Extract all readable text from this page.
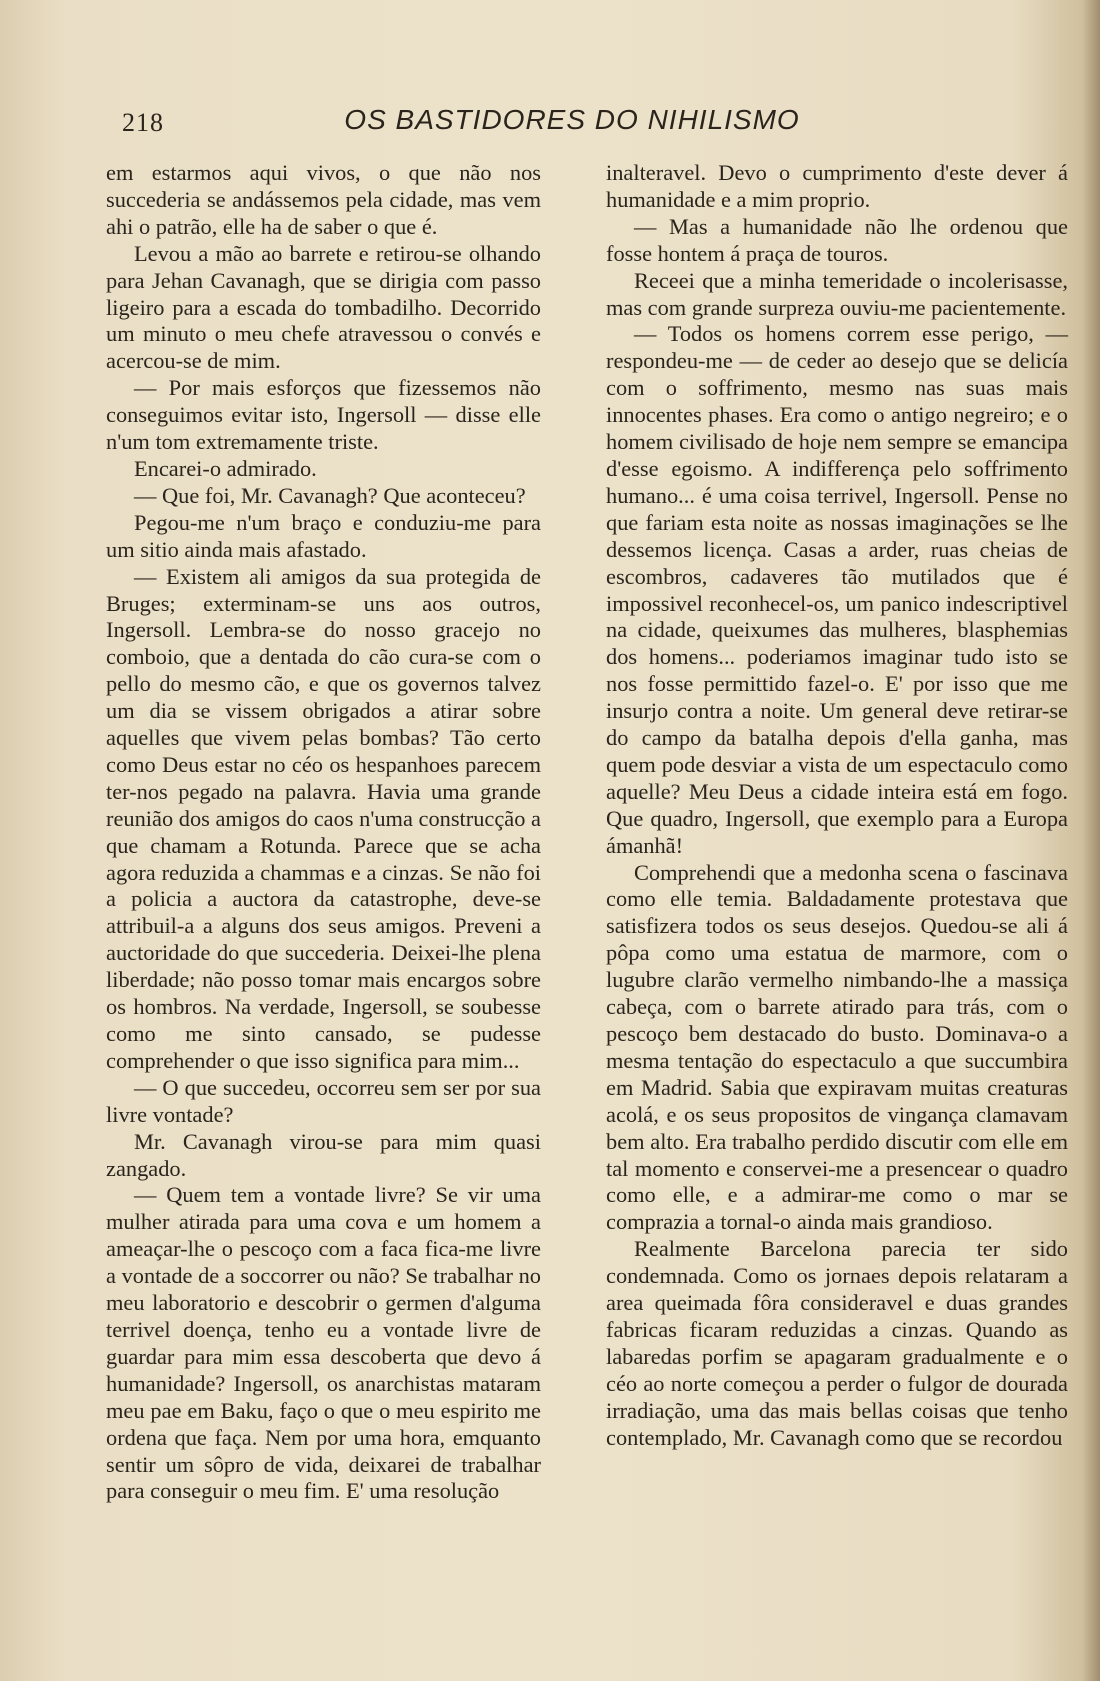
218	OS BASTIDORES DO NIHILISMO

em estarmos aqui vivos, o que não nos succederia se andássemos pela cidade, mas vem ahi o patrão, elle ha de saber o que é.

Levou a mão ao barrete e retirou-se olhando para Jehan Cavanagh, que se dirigia com passo ligeiro para a escada do tombadilho. Decorrido um minuto o meu chefe atravessou o convés e acercou-se de mim.

— Por mais esforços que fizessemos não conseguimos evitar isto, Ingersoll — disse elle n'um tom extremamente triste.

Encarei-o admirado.

— Que foi, Mr. Cavanagh? Que aconteceu?

Pegou-me n'um braço e conduziu-me para um sitio ainda mais afastado.

— Existem ali amigos da sua protegida de Bruges; exterminam-se uns aos outros, Ingersoll. Lembra-se do nosso gracejo no comboio, que a dentada do cão cura-se com o pello do mesmo cão, e que os governos talvez um dia se vissem obrigados a atirar sobre aquelles que vivem pelas bombas? Tão certo como Deus estar no céo os hespanhoes parecem ter-nos pegado na palavra. Havia uma grande reunião dos amigos do caos n'uma construcção a que chamam a Rotunda. Parece que se acha agora reduzida a chammas e a cinzas. Se não foi a policia a auctora da catastrophe, deve-se attribuil-a a alguns dos seus amigos. Preveni a auctoridade do que succederia. Deixei-lhe plena liberdade; não posso tomar mais encargos sobre os hombros. Na verdade, Ingersoll, se soubesse como me sinto cansado, se pudesse comprehender o que isso significa para mim...

— O que succedeu, occorreu sem ser por sua livre vontade?

Mr. Cavanagh virou-se para mim quasi zangado.

— Quem tem a vontade livre? Se vir uma mulher atirada para uma cova e um homem a ameaçar-lhe o pescoço com a faca fica-me livre a vontade de a soccorrer ou não? Se trabalhar no meu laboratorio e descobrir o germen d'alguma terrivel doença, tenho eu a vontade livre de guardar para mim essa descoberta que devo á humanidade? Ingersoll, os anarchistas mataram meu pae em Baku, faço o que o meu espirito me ordena que faça. Nem por uma hora, emquanto sentir um sôpro de vida, deixarei de trabalhar para conseguir o meu fim. E' uma resolução

inalteravel. Devo o cumprimento d'este dever á humanidade e a mim proprio.

— Mas a humanidade não lhe ordenou que fosse hontem á praça de touros.

Receei que a minha temeridade o incolerisasse, mas com grande surpreza ouviu-me pacientemente.

— Todos os homens correm esse perigo, — respondeu-me — de ceder ao desejo que se delicía com o soffrimento, mesmo nas suas mais innocentes phases. Era como o antigo negreiro; e o homem civilisado de hoje nem sempre se emancipa d'esse egoismo. A indifferença pelo soffrimento humano... é uma coisa terrivel, Ingersoll. Pense no que fariam esta noite as nossas imaginações se lhe dessemos licença. Casas a arder, ruas cheias de escombros, cadaveres tão mutilados que é impossivel reconhecel-os, um panico indescriptivel na cidade, queixumes das mulheres, blasphemias dos homens... poderiamos imaginar tudo isto se nos fosse permittido fazel-o. E' por isso que me insurjo contra a noite. Um general deve retirar-se do campo da batalha depois d'ella ganha, mas quem pode desviar a vista de um espectaculo como aquelle? Meu Deus a cidade inteira está em fogo. Que quadro, Ingersoll, que exemplo para a Europa ámanhã!

Comprehendi que a medonha scena o fascinava como elle temia. Baldadamente protestava que satisfizera todos os seus desejos. Quedou-se ali á pôpa como uma estatua de marmore, com o lugubre clarão vermelho nimbando-lhe a massiça cabeça, com o barrete atirado para trás, com o pescoço bem destacado do busto. Dominava-o a mesma tentação do espectaculo a que succumbira em Madrid. Sabia que expiravam muitas creaturas acolá, e os seus propositos de vingança clamavam bem alto. Era trabalho perdido discutir com elle em tal momento e conservei-me a presencear o quadro como elle, e a admirar-me como o mar se comprazia a tornal-o ainda mais grandioso.

Realmente Barcelona parecia ter sido condemnada. Como os jornaes depois relataram a area queimada fôra consideravel e duas grandes fabricas ficaram reduzidas a cinzas. Quando as labaredas porfim se apagaram gradualmente e o céo ao norte começou a perder o fulgor de dourada irradiação, uma das mais bellas coisas que tenho contemplado, Mr. Cavanagh como que se recordou
